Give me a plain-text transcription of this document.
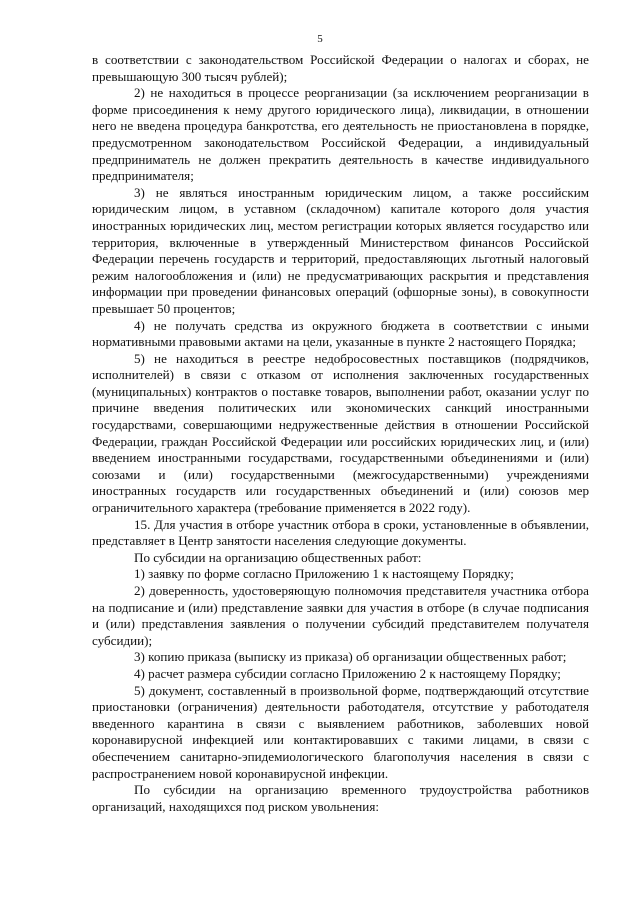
5

в соответствии с законодательством Российской Федерации о налогах и сборах, не превышающую 300 тысяч рублей);

2) не находиться в процессе реорганизации (за исключением реорганизации в форме присоединения к нему другого юридического лица), ликвидации, в отношении него не введена процедура банкротства, его деятельность не приостановлена в порядке, предусмотренном законодательством Российской Федерации, а индивидуальный предприниматель не должен прекратить деятельность в качестве индивидуального предпринимателя;

3) не являться иностранным юридическим лицом, а также российским юридическим лицом, в уставном (складочном) капитале которого доля участия иностранных юридических лиц, местом регистрации которых является государство или территория, включенные в утвержденный Министерством финансов Российской Федерации перечень государств и территорий, предоставляющих льготный налоговый режим налогообложения и (или) не предусматривающих раскрытия и представления информации при проведении финансовых операций (офшорные зоны), в совокупности превышает 50 процентов;

4) не получать средства из окружного бюджета в соответствии с иными нормативными правовыми актами на цели, указанные в пункте 2 настоящего Порядка;

5) не находиться в реестре недобросовестных поставщиков (подрядчиков, исполнителей) в связи с отказом от исполнения заключенных государственных (муниципальных) контрактов о поставке товаров, выполнении работ, оказании услуг по причине введения политических или экономических санкций иностранными государствами, совершающими недружественные действия в отношении Российской Федерации, граждан Российской Федерации или российских юридических лиц, и (или) введением иностранными государствами, государственными объединениями и (или) союзами и (или) государственными (межгосударственными) учреждениями иностранных государств или государственных объединений и (или) союзов мер ограничительного характера (требование применяется в 2022 году).

15. Для участия в отборе участник отбора в сроки, установленные в объявлении, представляет в Центр занятости населения следующие документы.

По субсидии на организацию общественных работ:

1) заявку по форме согласно Приложению 1 к настоящему Порядку;

2) доверенность, удостоверяющую полномочия представителя участника отбора на подписание и (или) представление заявки для участия в отборе (в случае подписания и (или) представления заявления о получении субсидий представителем получателя субсидии);

3) копию приказа (выписку из приказа) об организации общественных работ;

4) расчет размера субсидии согласно Приложению 2 к настоящему Порядку;

5) документ, составленный в произвольной форме, подтверждающий отсутствие приостановки (ограничения) деятельности работодателя, отсутствие у работодателя введенного карантина в связи с выявлением работников, заболевших новой коронавирусной инфекцией или контактировавших с такими лицами, в связи с обеспечением санитарно-эпидемиологического благополучия населения в связи с распространением новой коронавирусной инфекции.

По субсидии на организацию временного трудоустройства работников организаций, находящихся под риском увольнения:
